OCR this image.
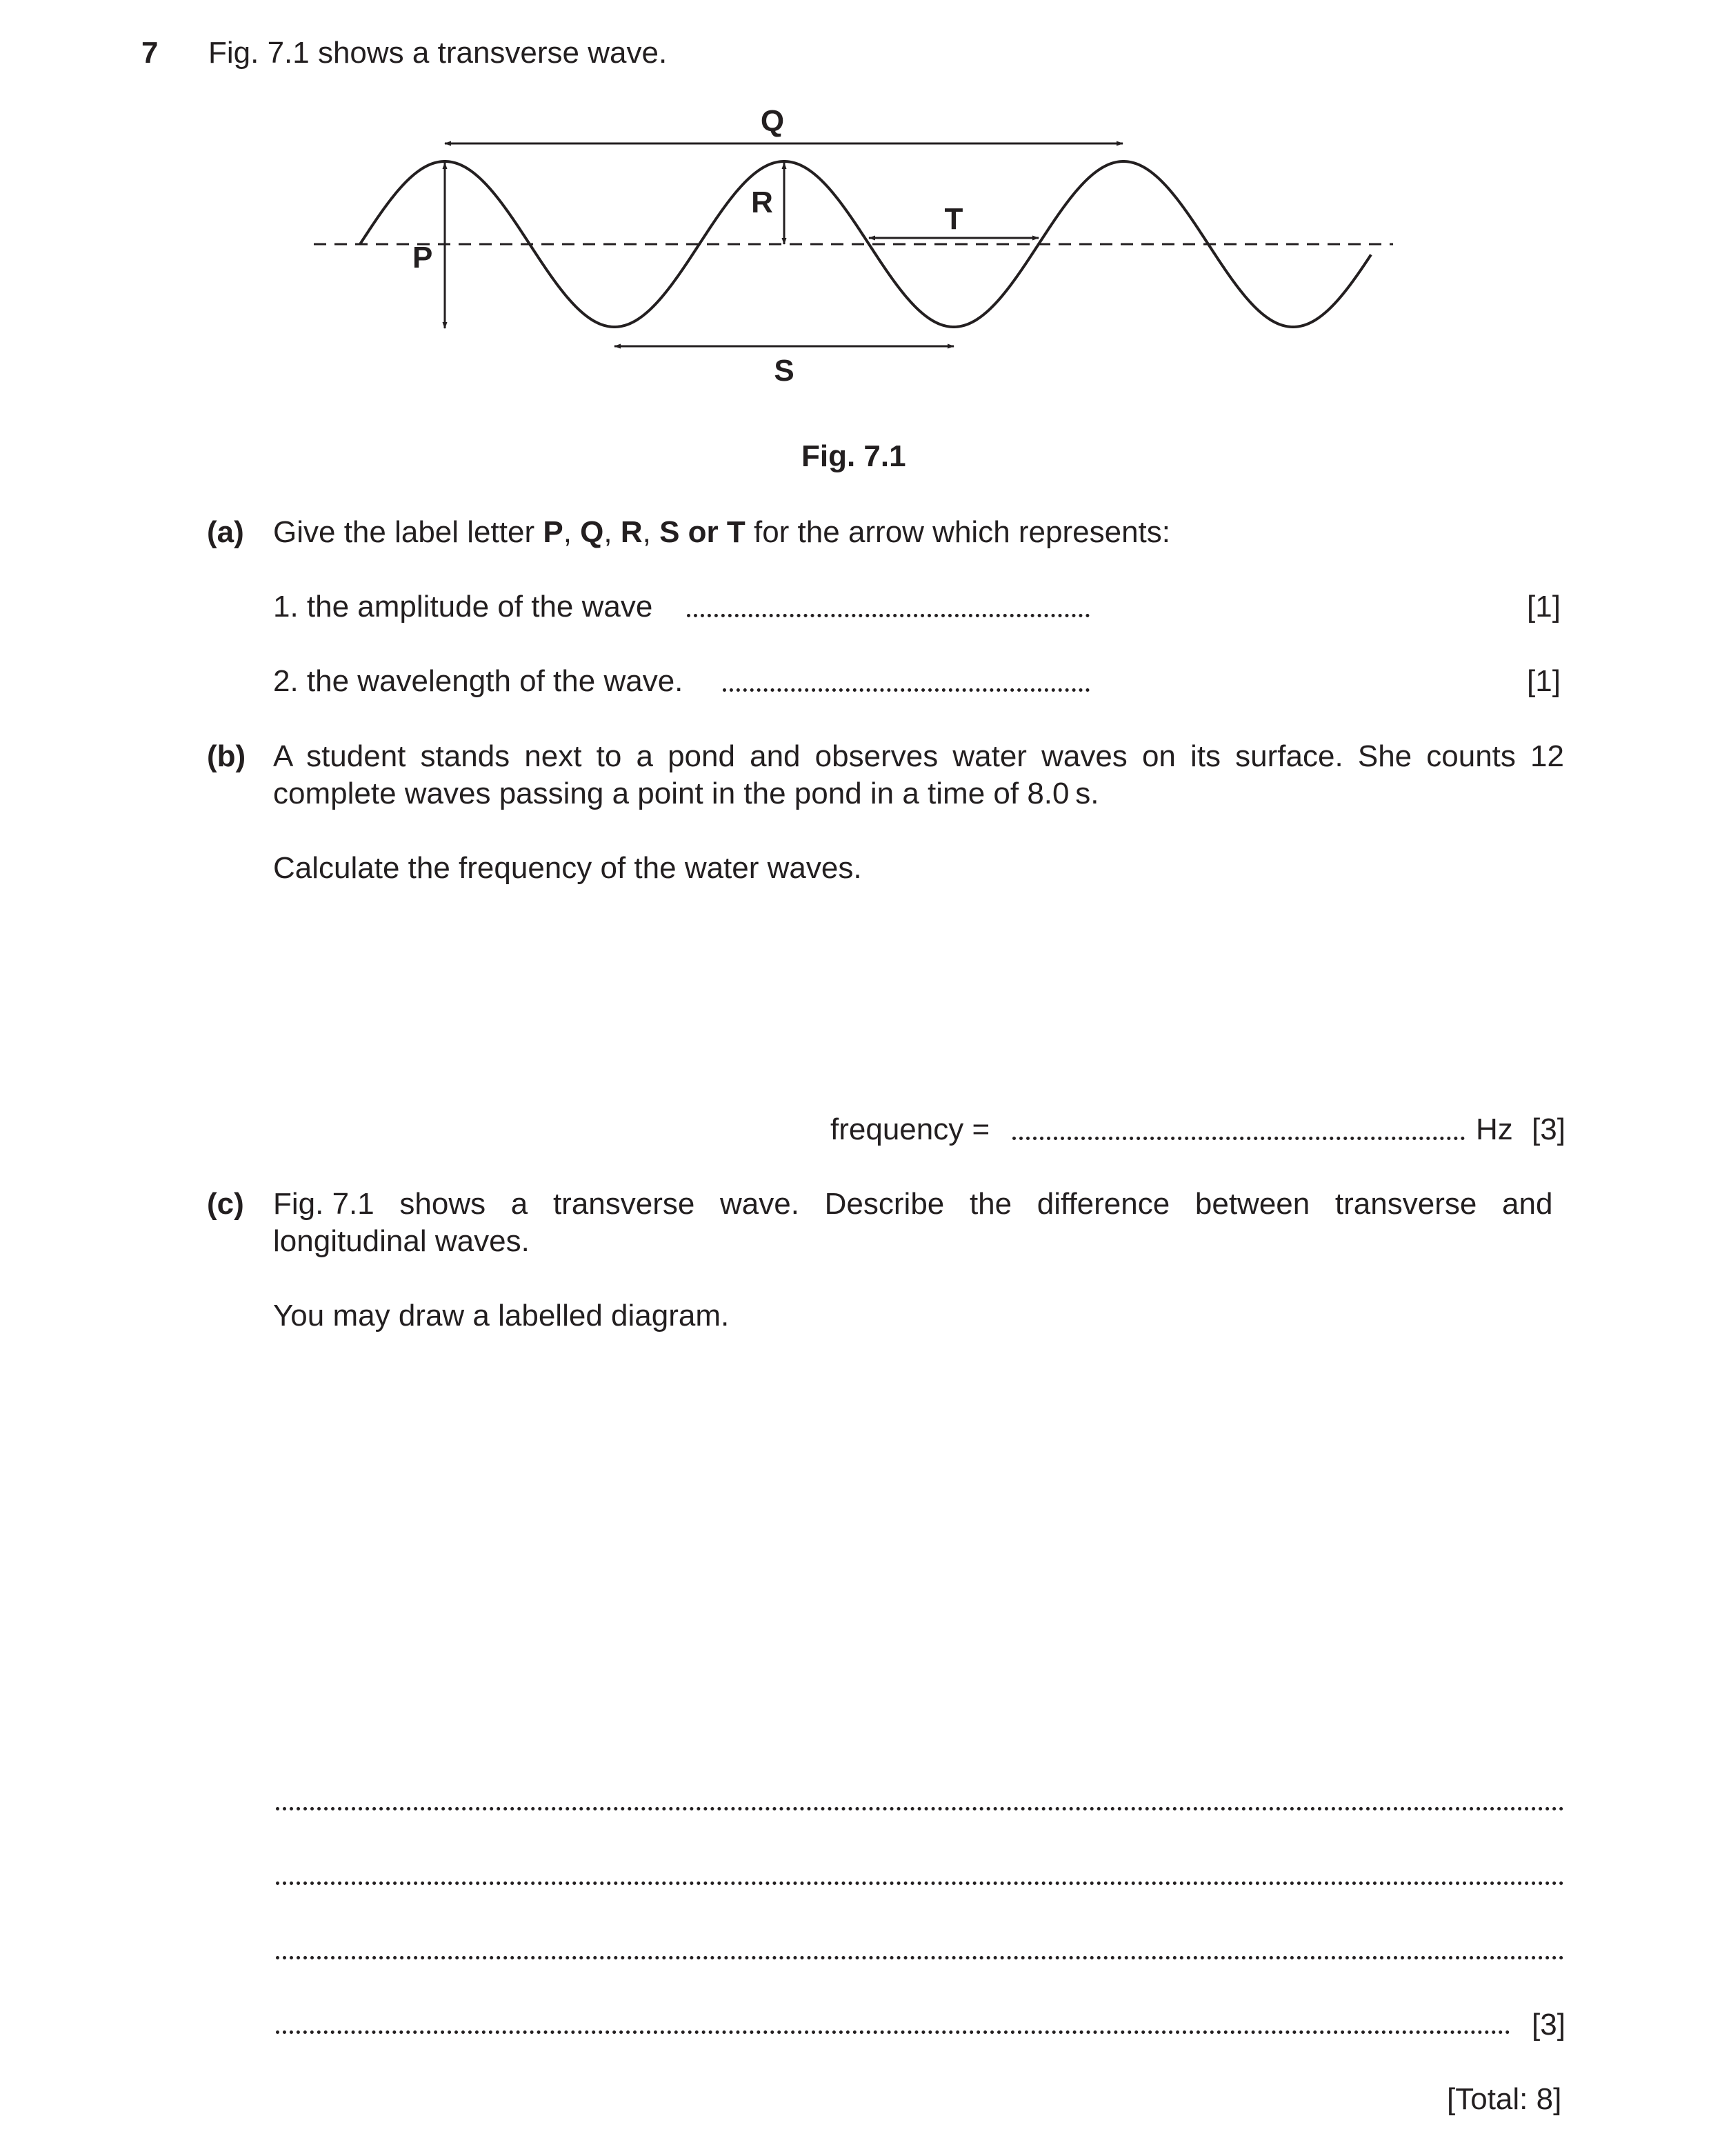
7 Fig. 7.1 shows a transverse wave.
P
Q
R
S
T
Fig. 7.1
(a) Give the label letter P, Q, R, S or T for the arrow which represents:
1. the amplitude of the wave	[1]
2. the wavelength of the wave.	[1]
(b) A student stands next to a pond and observes water waves on its surface. She counts 12
complete waves passing a point in the pond in a time of 8.0 s.
Calculate the frequency of the water waves.
frequency =	Hz [3]
(c) Fig. 7.1   shows   a   transverse   wave.   Describe   the   difference   between   transverse   and
longitudinal waves.
You may draw a labelled diagram.
[3]
[Total: 8]
